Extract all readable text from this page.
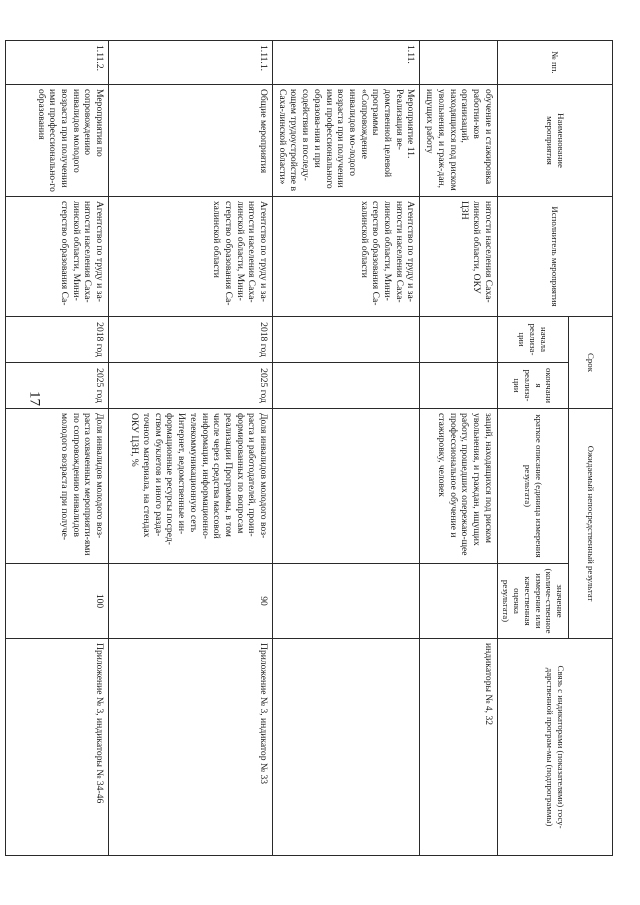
17
№ пп.	Наименование мероприятия	Исполнитель мероприятия	Срок		Ожидаемый непосредственный результат		Связь с индикаторами (показателями) госу-дарственной програм-мы (подпрограммы)
			начала реализа-ции	окончания реализа-ции	краткое описание (единица измерения результата)	значение (количе-ственное измерение или качественная оценка результата)	
	обучение и стажировка работни-ков организаций, находящихся под риском увольнения, и граж-дан, ищущих работу	нятости населения Саха-линской области, ОКУ ЦЗН			заций, находящихся под риском увольнения, и граждан, ищущих работу, прошедших опережаю-щее профессиональное обучение и стажировку, человек		индикаторы № 4, 32
1.11.	Мероприятие 11. Реализация ве-домственной целевой программы «Сопровождение инвалидов мо-лодого возраста при получении ими профессионального образова-ния и при содействии в последу-ющем трудоустройстве в Саха-линской области»	Агентство по труду и за-нятости населения Саха-линской области, Мини-стерство образования Са-халинской области					
1.11.1.	Общие мероприятия	Агентство по труду и за-нятости населения Саха-линской области, Мини-стерство образования Са-халинской области	2018 год	2025 год	Доля инвалидов молодого воз-раста и работодателей, проин-формированных по вопросам реализации Программы, в том числе через средства массовой информации, информационно-телекоммуникационную сеть Интернет, ведомственные ин-формационные ресурсы посред-ством буклетов и иного разда-точного материала, на стендах ОКУ ЦЗН, %	90	Приложение № 3, индикатор № 33
1.11.2.	Мероприятия по сопровождению инвалидов молодого возраста при получении ими профессионально-го образования	Агентство по труду и за-нятости населения Саха-линской области, Мини-стерство образования Са-	2018 год	2025 год	Доля инвалидов молодого воз-раста охваченных мероприяти-ями по сопровождению инвалидов молодого возраста при получе-	100	Приложение № 3, индикаторы № 34-46
